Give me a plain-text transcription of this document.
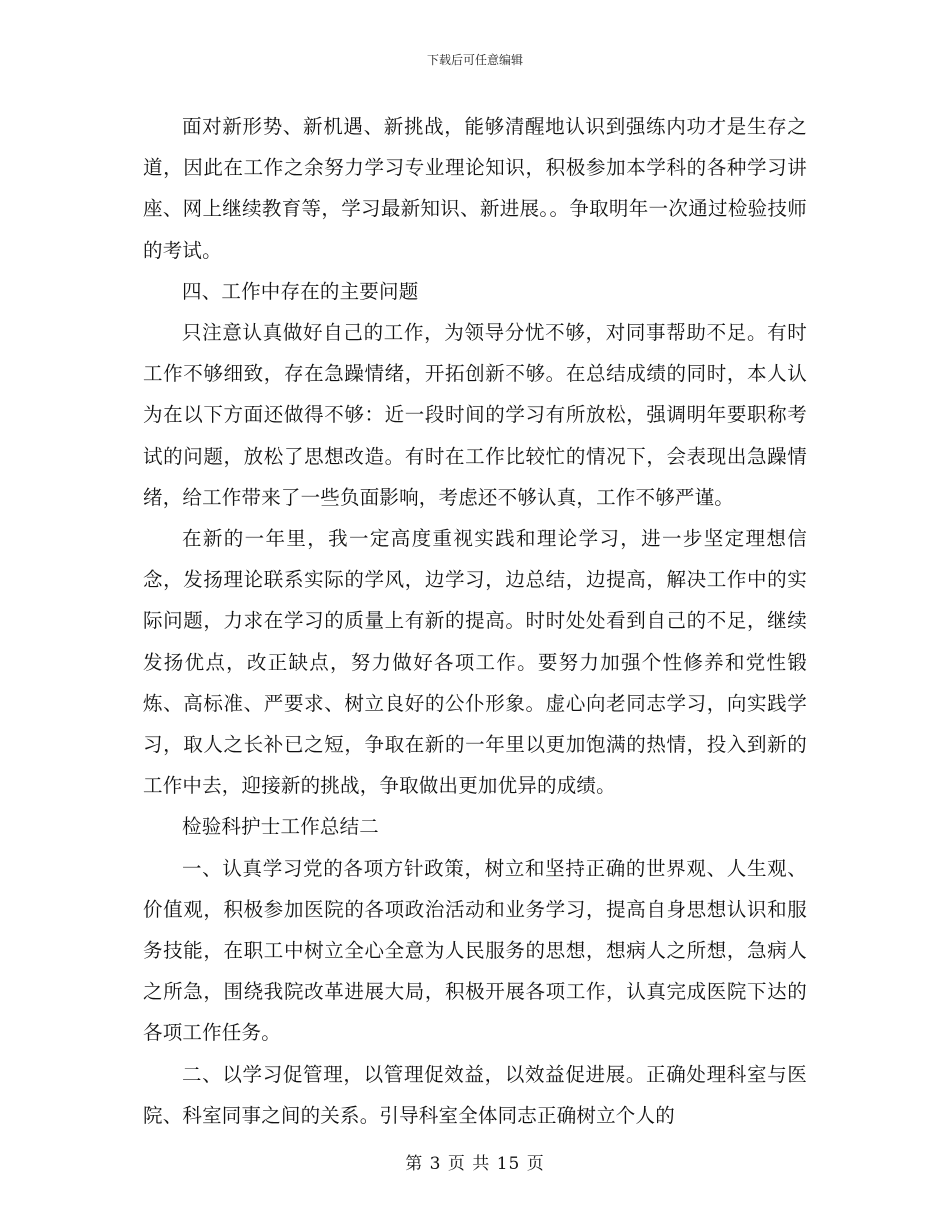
下载后可任意编辑

面对新形势、新机遇、新挑战，能够清醒地认识到强练内功才是生存之道，因此在工作之余努力学习专业理论知识，积极参加本学科的各种学习讲座、网上继续教育等，学习最新知识、新进展。。争取明年一次通过检验技师的考试。

四、工作中存在的主要问题

只注意认真做好自己的工作，为领导分忧不够，对同事帮助不足。有时工作不够细致，存在急躁情绪，开拓创新不够。在总结成绩的同时，本人认为在以下方面还做得不够：近一段时间的学习有所放松，强调明年要职称考试的问题，放松了思想改造。有时在工作比较忙的情况下，会表现出急躁情绪，给工作带来了一些负面影响，考虑还不够认真，工作不够严谨。

在新的一年里，我一定高度重视实践和理论学习，进一步坚定理想信念，发扬理论联系实际的学风，边学习，边总结，边提高，解决工作中的实际问题，力求在学习的质量上有新的提高。时时处处看到自己的不足，继续发扬优点，改正缺点，努力做好各项工作。要努力加强个性修养和党性锻炼、高标准、严要求、树立良好的公仆形象。虚心向老同志学习，向实践学习，取人之长补已之短，争取在新的一年里以更加饱满的热情，投入到新的工作中去，迎接新的挑战，争取做出更加优异的成绩。

检验科护士工作总结二

一、认真学习党的各项方针政策，树立和坚持正确的世界观、人生观、价值观，积极参加医院的各项政治活动和业务学习，提高自身思想认识和服务技能，在职工中树立全心全意为人民服务的思想，想病人之所想，急病人之所急，围绕我院改革进展大局，积极开展各项工作，认真完成医院下达的各项工作任务。

二、以学习促管理，以管理促效益，以效益促进展。正确处理科室与医院、科室同事之间的关系。引导科室全体同志正确树立个人的

第 3 页 共 15 页
